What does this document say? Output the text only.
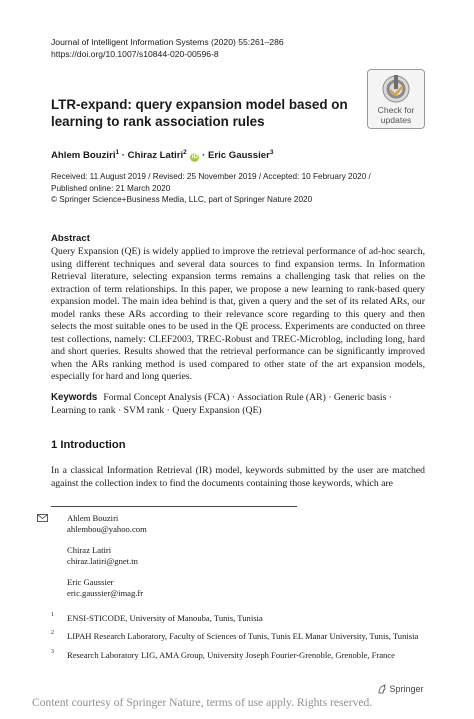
Journal of Intelligent Information Systems (2020) 55:261–286
https://doi.org/10.1007/s10844-020-00596-8
Check for
updates
LTR-expand: query expansion model based on learning to rank association rules
Ahlem Bouziri$^1$ · Chiraz Latiri$^2$ iD · Eric Gaussier$^3$
Received: 11 August 2019 / Revised: 25 November 2019 / Accepted: 10 February 2020 /
Published online: 21 March 2020
© Springer Science+Business Media, LLC, part of Springer Nature 2020
Abstract
Query Expansion (QE) is widely applied to improve the retrieval performance of ad-hoc search, using different techniques and several data sources to find expansion terms. In Information Retrieval literature, selecting expansion terms remains a challenging task that relies on the extraction of term relationships. In this paper, we propose a new learning to rank-based query expansion model. The main idea behind is that, given a query and the set of its related ARs, our model ranks these ARs according to their relevance score regarding to this query and then selects the most suitable ones to be used in the QE process. Experiments are conducted on three test collections, namely: CLEF2003, TREC-Robust and TREC-Microblog, including long, hard and short queries. Results showed that the retrieval performance can be significantly improved when the ARs ranking method is used compared to other state of the art expansion models, especially for hard and long queries.
Keywords Formal Concept Analysis (FCA) · Association Rule (AR) · Generic basis · Learning to rank · SVM rank · Query Expansion (QE)
1 Introduction
In a classical Information Retrieval (IR) model, keywords submitted by the user are matched against the collection index to find the documents containing those keywords, which are
Ahlem Bouziri
ahlembou@yahoo.com
Chiraz Latiri
chiraz.latiri@gnet.tn
Eric Gaussier
eric.gaussier@imag.fr
1 ENSI-STICODE, University of Manouba, Tunis, Tunisia
2 LIPAH Research Laboratory, Faculty of Sciences of Tunis, Tunis EL Manar University, Tunis, Tunisia
3 Research Laboratory LIG, AMA Group, University Joseph Fourier-Grenoble, Grenoble, France
Springer
Content courtesy of Springer Nature, terms of use apply. Rights reserved.
